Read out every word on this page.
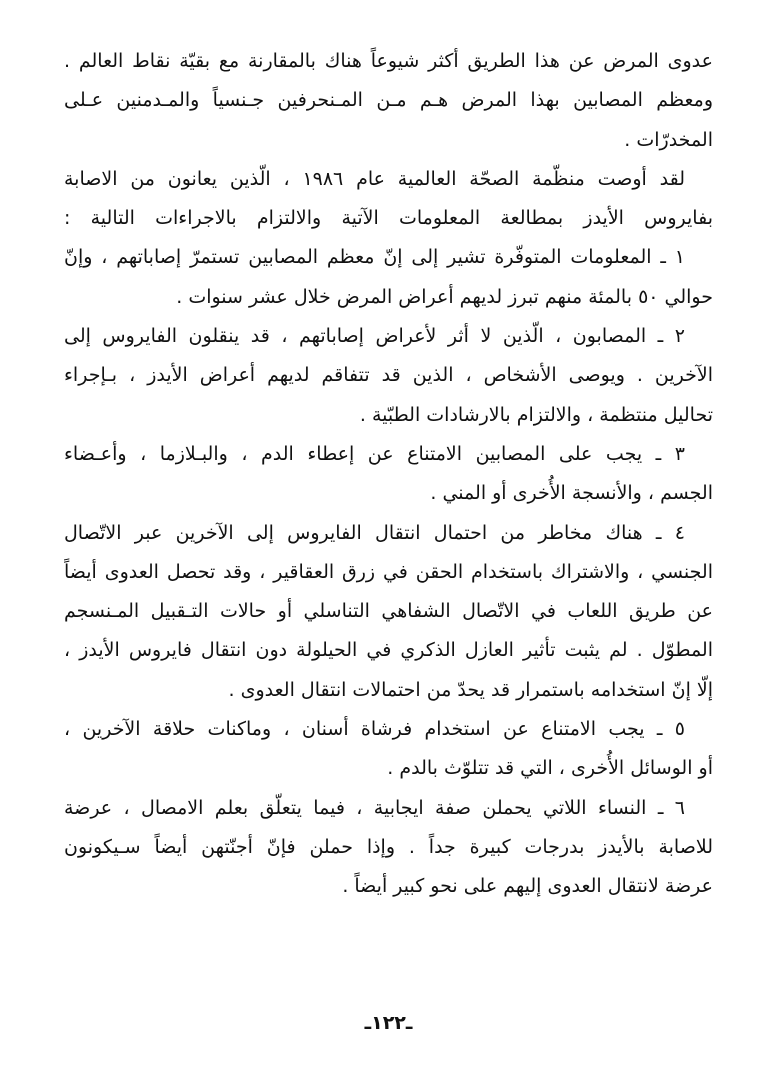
عدوى المرض عن هذا الطريق أكثر شيوعاً هناك بالمقارنة مع بقيّة نقاط العالم .
ومعظم المصابين بهذا المرض هـم مـن المـنحرفين جـنسياً والمـدمنين عـلى
المخدرّات .
لقد أوصت منظّمة الصحّة العالمية عام ١٩٨٦ ، الّذين يعانون من الاصابة
بفايروس الأيدز بمطالعة المعلومات الآتية والالتزام بالاجراءات التالية :
١ ـ المعلومات المتوفّرة تشير إلى إنّ معظم المصابين تستمرّ إصاباتهم ، وإنّ
حوالي ٥٠ بالمئة منهم تبرز لديهم أعراض المرض خلال عشر سنوات .
٢ ـ المصابون ، الّذين لا أثر لأعراض إصاباتهم ، قد ينقلون الفايروس إلى
الآخرين . ويوصى الأشخاص ، الذين قد تتفاقم لديهم أعراض الأيدز ، بـإجراء
تحاليل منتظمة ، والالتزام بالارشادات الطبّية .
٣ ـ يجب على المصابين الامتناع عن إعطاء الدم ، والبـلازما ، وأعـضاء
الجسم ، والأنسجة الأُخرى أو المني .
٤ ـ هناك مخاطر من احتمال انتقال الفايروس إلى الآخرين عبر الاتّصال
الجنسي ، والاشتراك باستخدام الحقن في زرق العقاقير ، وقد تحصل العدوى أيضاً
عن طريق اللعاب في الاتّصال الشفاهي التناسلي أو حالات التـقبيل المـنسجم
المطوّل . لم يثبت تأثير العازل الذكري في الحيلولة دون انتقال فايروس الأيدز ،
إلّا إنّ استخدامه باستمرار قد يحدّ من احتمالات انتقال العدوى .
٥ ـ يجب الامتناع عن استخدام فرشاة أسنان ، وماكنات حلاقة الآخرين ،
أو الوسائل الأُخرى ، التي قد تتلوّث بالدم .
٦ ـ النساء اللاتي يحملن صفة ايجابية ، فيما يتعلّق بعلم الامصال ، عرضة
للاصابة بالأيدز بدرجات كبيرة جداً . وإذا حملن فإنّ أجنّتهن أيضاً سـيكونون
عرضة لانتقال العدوى إليهم على نحو كبير أيضاً .
ـ١٢٢ـ
